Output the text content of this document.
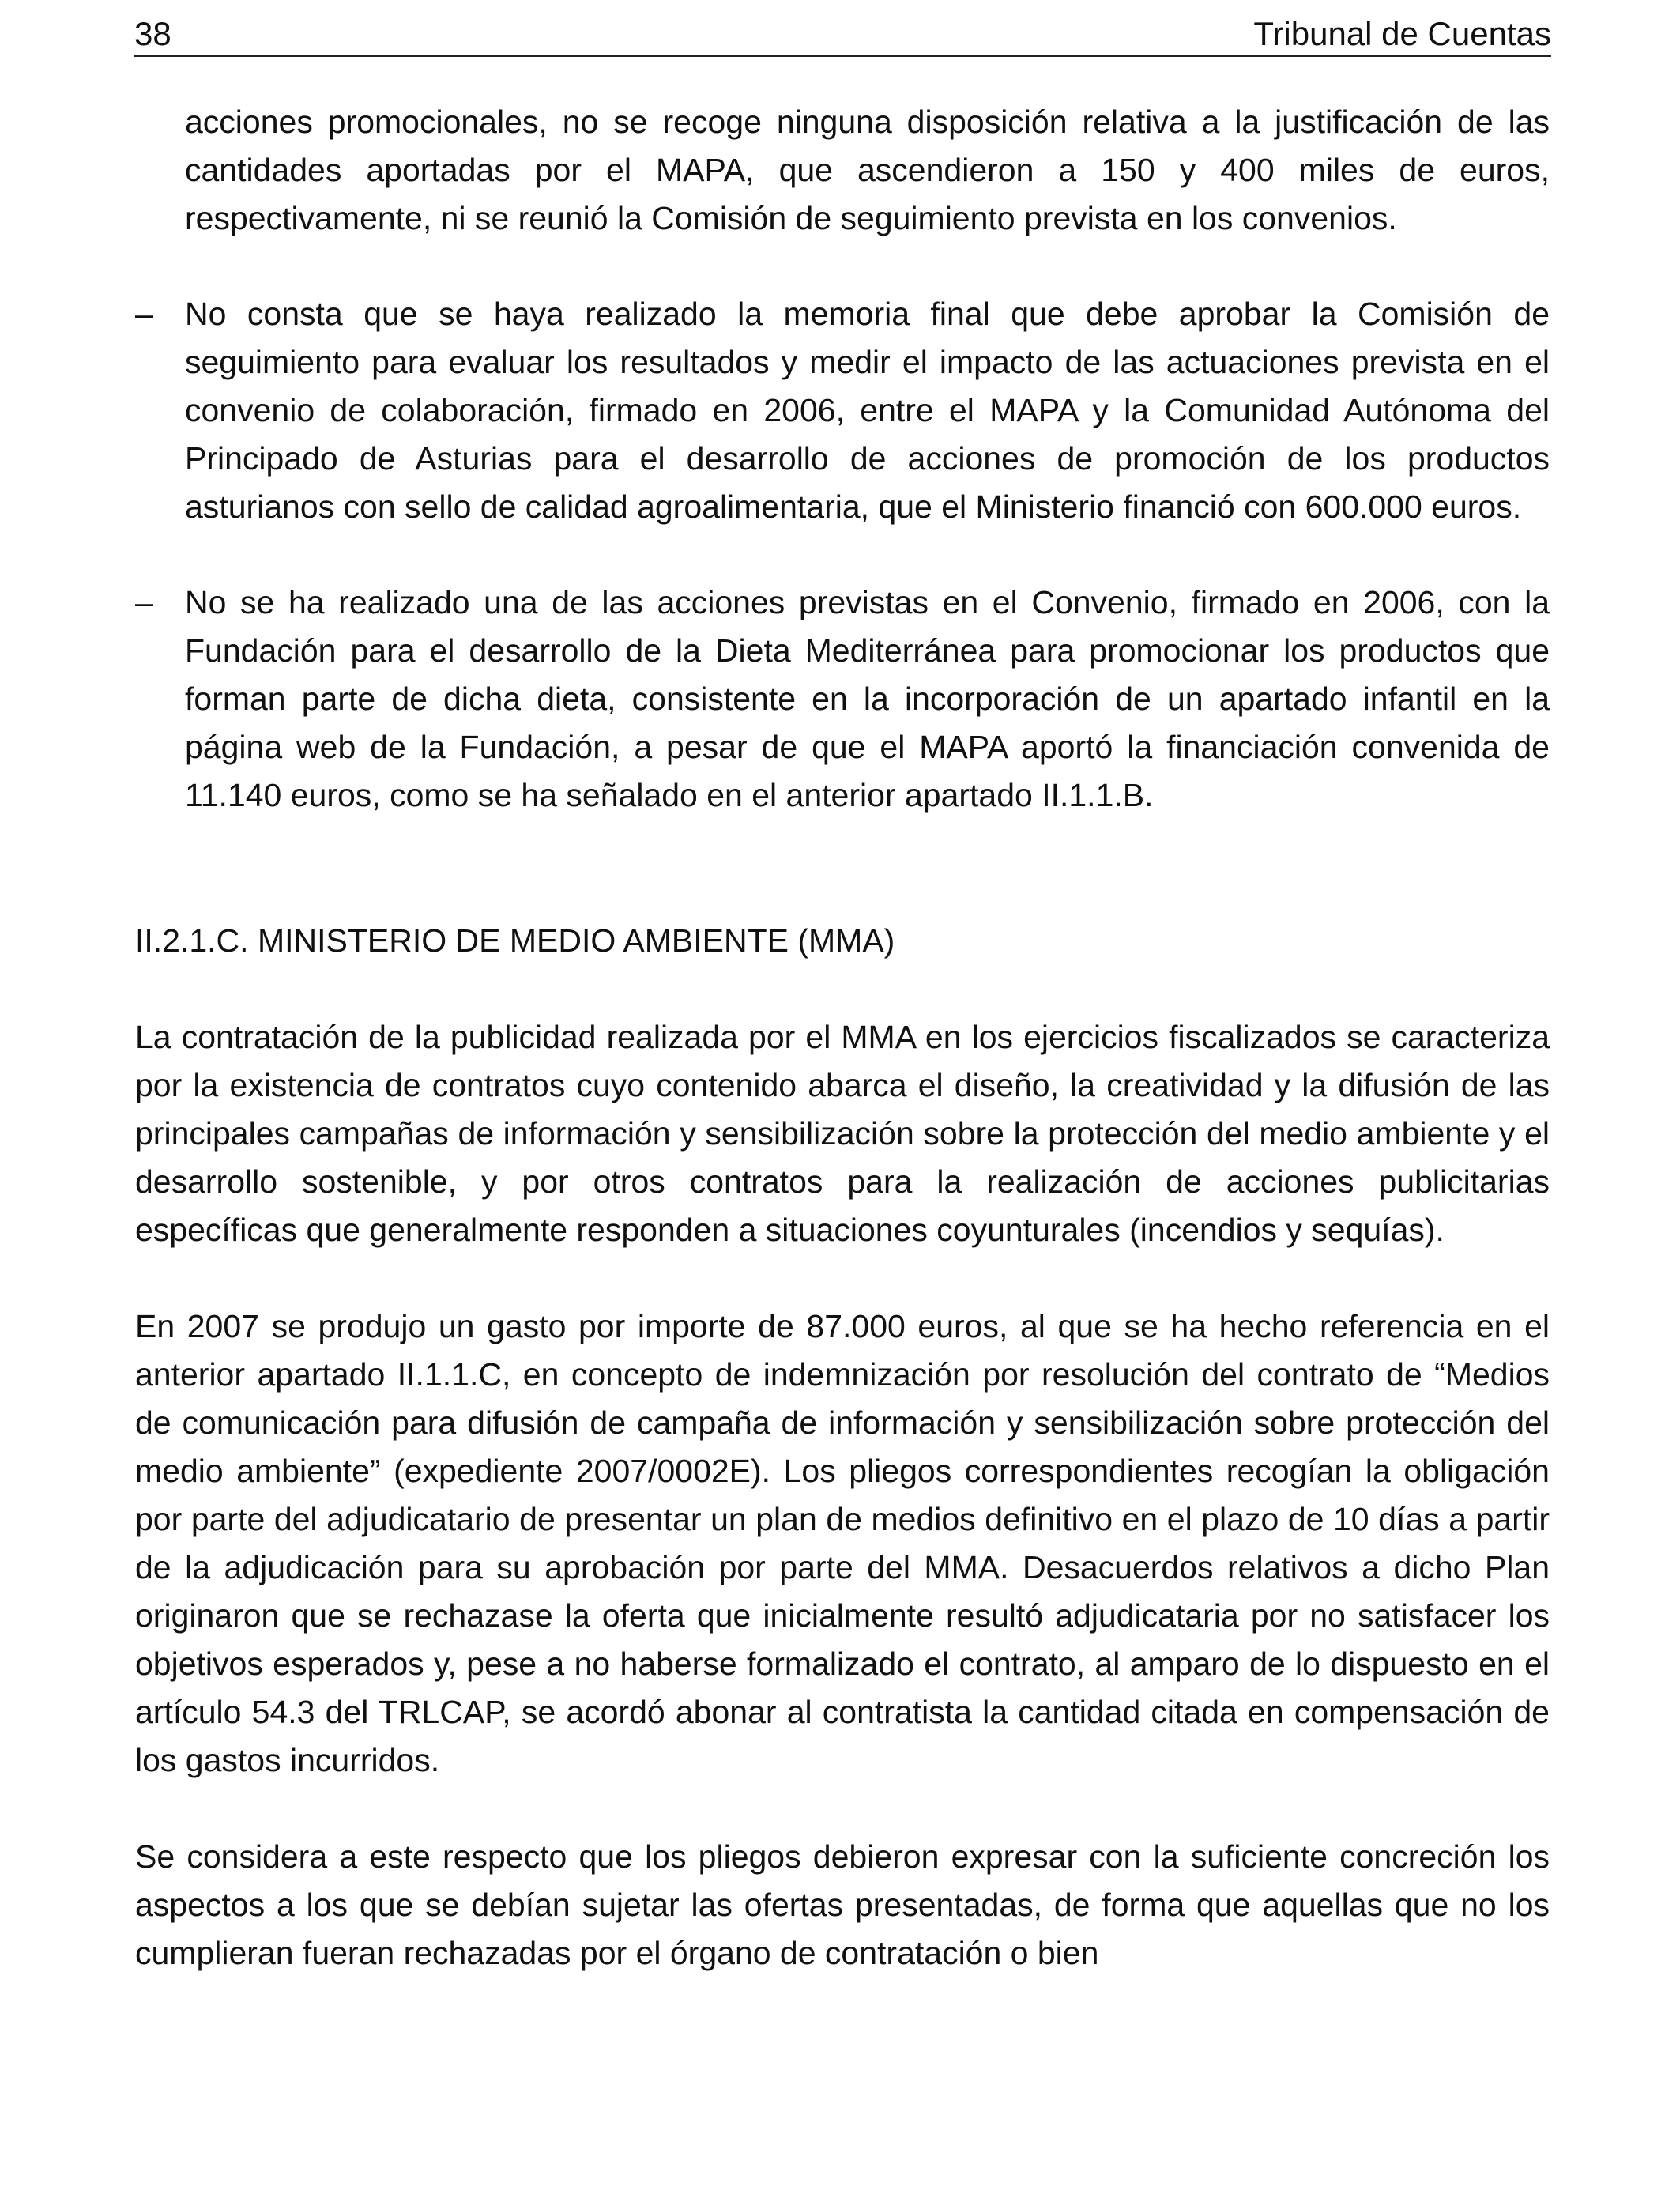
38	Tribunal de Cuentas

acciones promocionales, no se recoge ninguna disposición relativa a la justificación de las cantidades aportadas por el MAPA, que ascendieron a 150 y 400 miles de euros, respectivamente, ni se reunió la Comisión de seguimiento prevista en los convenios.

– No consta que se haya realizado la memoria final que debe aprobar la Comisión de seguimiento para evaluar los resultados y medir el impacto de las actuaciones prevista en el convenio de colaboración, firmado en 2006, entre el MAPA y la Comunidad Autónoma del Principado de Asturias para el desarrollo de acciones de promoción de los productos asturianos con sello de calidad agroalimentaria, que el Ministerio financió con 600.000 euros.

– No se ha realizado una de las acciones previstas en el Convenio, firmado en 2006, con la Fundación para el desarrollo de la Dieta Mediterránea para promocionar los productos que forman parte de dicha dieta, consistente en la incorporación de un apartado infantil en la página web de la Fundación, a pesar de que el MAPA aportó la financiación convenida de 11.140 euros, como se ha señalado en el anterior apartado II.1.1.B.

II.2.1.C. MINISTERIO DE MEDIO AMBIENTE (MMA)

La contratación de la publicidad realizada por el MMA en los ejercicios fiscalizados se caracteriza por la existencia de contratos cuyo contenido abarca el diseño, la creatividad y la difusión de las principales campañas de información y sensibilización sobre la protección del medio ambiente y el desarrollo sostenible, y por otros contratos para la realización de acciones publicitarias específicas que generalmente responden a situaciones coyunturales (incendios y sequías).

En 2007 se produjo un gasto por importe de 87.000 euros, al que se ha hecho referencia en el anterior apartado II.1.1.C, en concepto de indemnización por resolución del contrato de “Medios de comunicación para difusión de campaña de información y sensibilización sobre protección del medio ambiente” (expediente 2007/0002E). Los pliegos correspondientes recogían la obligación por parte del adjudicatario de presentar un plan de medios definitivo en el plazo de 10 días a partir de la adjudicación para su aprobación por parte del MMA. Desacuerdos relativos a dicho Plan originaron que se rechazase la oferta que inicialmente resultó adjudicataria por no satisfacer los objetivos esperados y, pese a no haberse formalizado el contrato, al amparo de lo dispuesto en el artículo 54.3 del TRLCAP, se acordó abonar al contratista la cantidad citada en compensación de los gastos incurridos.

Se considera a este respecto que los pliegos debieron expresar con la suficiente concreción los aspectos a los que se debían sujetar las ofertas presentadas, de forma que aquellas que no los cumplieran fueran rechazadas por el órgano de contratación o bien
